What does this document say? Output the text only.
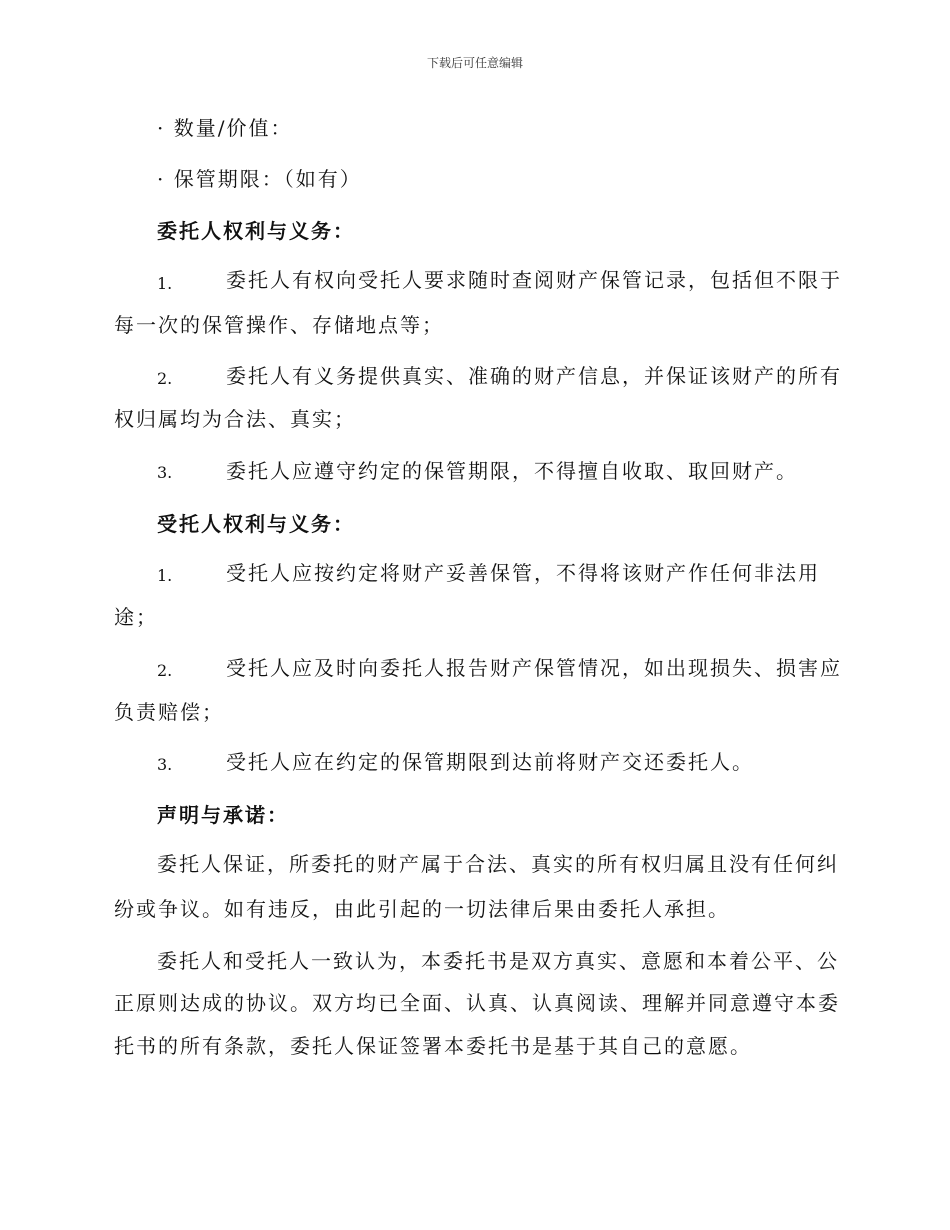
下载后可任意编辑
· 数量/价值：
· 保管期限：（如有）
委托人权利与义务：
1.	委托人有权向受托人要求随时查阅财产保管记录，包括但不限于
每一次的保管操作、存储地点等；
2.	委托人有义务提供真实、准确的财产信息，并保证该财产的所有
权归属均为合法、真实；
3.	委托人应遵守约定的保管期限，不得擅自收取、取回财产。
受托人权利与义务：
1.	受托人应按约定将财产妥善保管，不得将该财产作任何非法用
途；
2.	受托人应及时向委托人报告财产保管情况，如出现损失、损害应
负责赔偿；
3.	受托人应在约定的保管期限到达前将财产交还委托人。
声明与承诺：
委托人保证，所委托的财产属于合法、真实的所有权归属且没有任何纠
纷或争议。如有违反，由此引起的一切法律后果由委托人承担。
委托人和受托人一致认为，本委托书是双方真实、意愿和本着公平、公
正原则达成的协议。双方均已全面、认真、认真阅读、理解并同意遵守本委
托书的所有条款，委托人保证签署本委托书是基于其自己的意愿。
